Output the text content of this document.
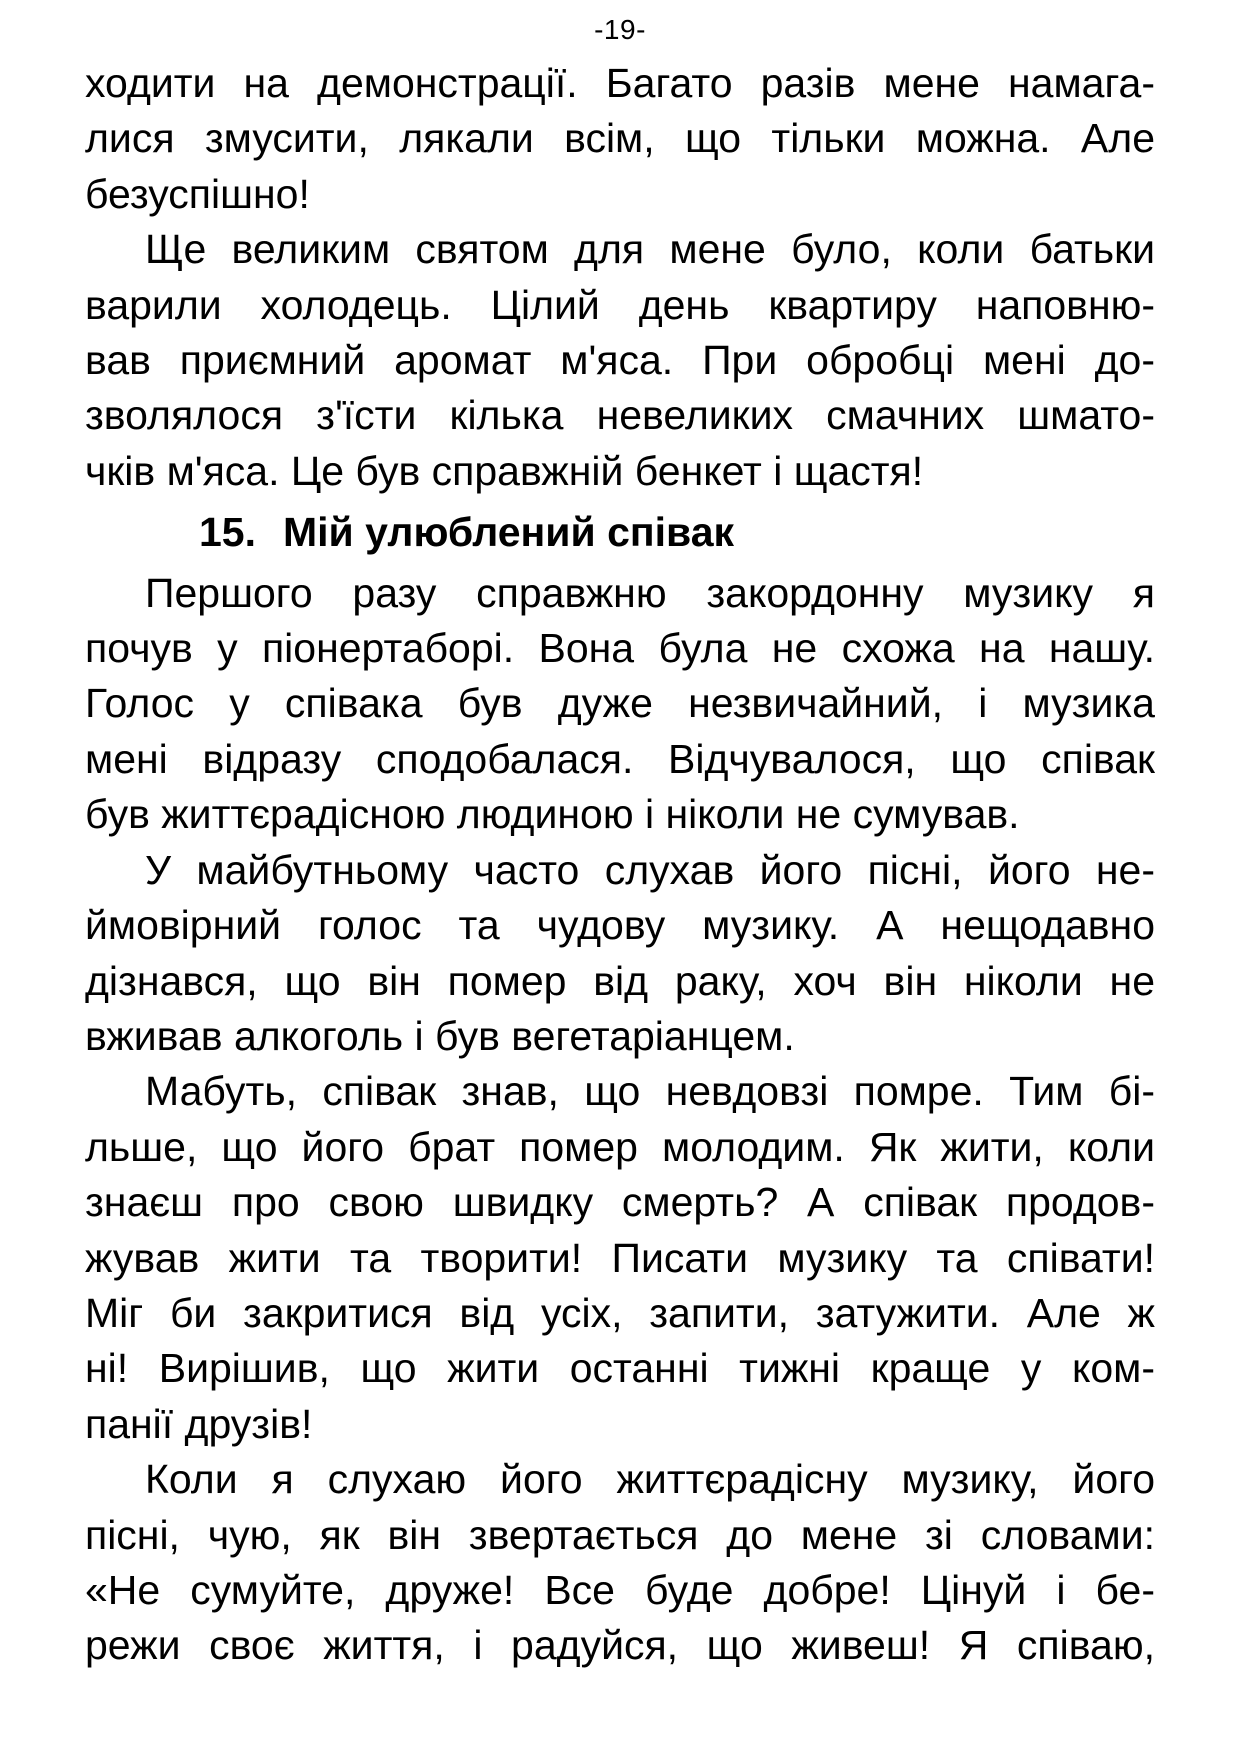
-19-
ходити на демонстрації. Багато разів мене намага-
лися змусити, лякали всім, що тільки можна. Але
безуспішно!
Ще великим святом для мене було, коли батьки
варили холодець. Цілий день квартиру наповню-
вав приємний аромат м'яса. При обробці мені до-
зволялося з'їсти кілька невеликих смачних шмато-
чків м'яса. Це був справжній бенкет і щастя!
15. Мій улюблений співак
Першого разу справжню закордонну музику я
почув у піонертаборі. Вона була не схожа на нашу.
Голос у співака був дуже незвичайний, і музика
мені відразу сподобалася. Відчувалося, що співак
був життєрадісною людиною і ніколи не сумував.
У майбутньому часто слухав його пісні, його не-
ймовірний голос та чудову музику. А нещодавно
дізнався, що він помер від раку, хоч він ніколи не
вживав алкоголь і був вегетаріанцем.
Мабуть, співак знав, що невдовзі помре. Тим бі-
льше, що його брат помер молодим. Як жити, коли
знаєш про свою швидку смерть? А співак продов-
жував жити та творити! Писати музику та співати!
Міг би закритися від усіх, запити, затужити. Але ж
ні! Вирішив, що жити останні тижні краще у ком-
панії друзів!
Коли я слухаю його життєрадісну музику, його
пісні, чую, як він звертається до мене зі словами:
«Не сумуйте, друже! Все буде добре! Цінуй і бе-
режи своє життя, і радуйся, що живеш! Я співаю,
